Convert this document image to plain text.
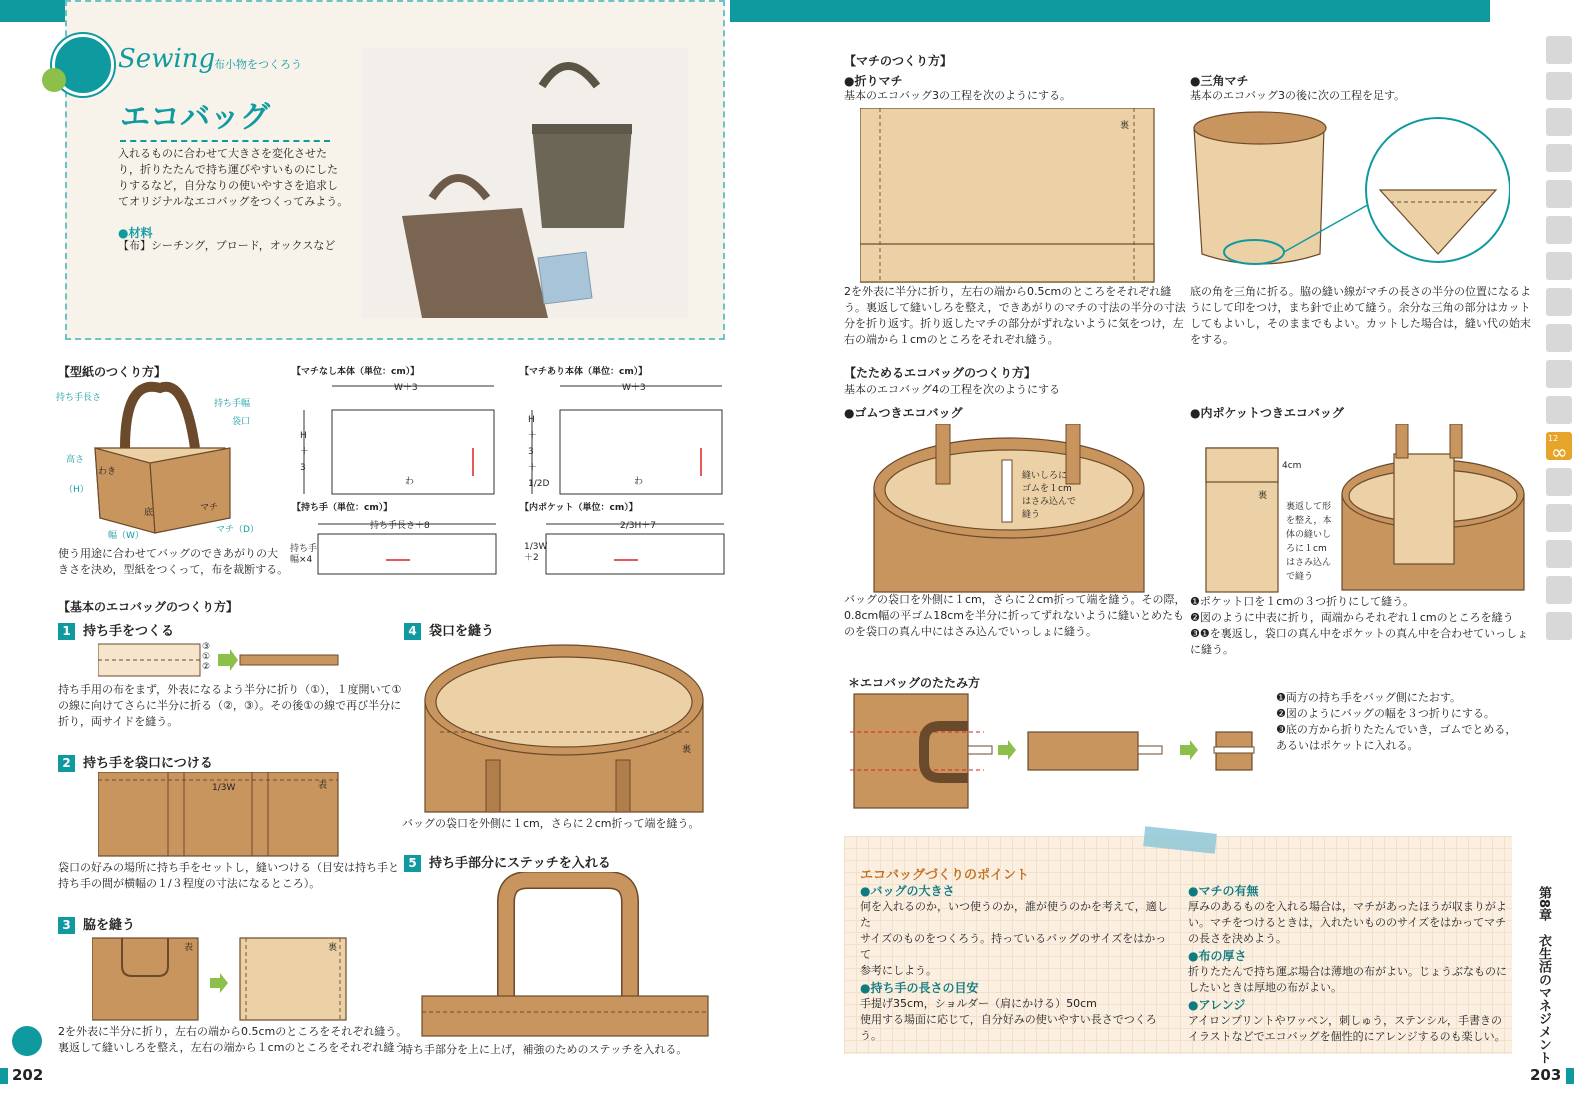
Sewing
布小物をつくろう
エコバッグ
入れるものに合わせて大きさを変化させた
り，折りたたんで持ち運びやすいものにした
りするなど，自分なりの使いやすさを追求し
てオリジナルなエコバッグをつくってみよう。
●材料
【布】シーチング，ブロード，オックスなど
【型紙のつくり方】
持ち手長さ
持ち手幅
袋口
高さ
（H）
わき
底	マチ
幅（W）
マチ（D）
使う用途に合わせてバッグのできあがりの大
きさを決め，型紙をつくって，布を裁断する。
【マチなし本体（単位：cm）】
W＋3
H＋3
わ
【マチあり本体（単位：cm）】
W＋3
H＋3＋1/2D	わ
【持ち手（単位：cm）】
持ち手長さ＋8
持ち手幅×4
【内ポケット（単位：cm）】
2/3H＋7
1/3W＋2
【基本のエコバッグのつくり方】
1 持ち手をつくる
③
①
②
持ち手用の布をまず，外表になるよう半分に折り（①），１度開いて①
の線に向けてさらに半分に折る（②，③）。その後①の線で再び半分に
折り，両サイドを縫う。
2 持ち手を袋口につける
1/3W	表
袋口の好みの場所に持ち手をセットし，縫いつける（目安は持ち手と
持ち手の間が横幅の１/３程度の寸法になるところ）。
3 脇を縫う
表	裏
2を外表に半分に折り，左右の端から0.5cmのところをそれぞれ縫う。
裏返して縫いしろを整え，左右の端から１cmのところをそれぞれ縫う。
4 袋口を縫う
裏
バッグの袋口を外側に１cm，さらに２cm折って端を縫う。
5 持ち手部分にステッチを入れる
持ち手部分を上に上げ，補強のためのステッチを入れる。
【マチのつくり方】
●折りマチ
基本のエコバッグ3の工程を次のようにする。
裏
2を外表に半分に折り，左右の端から0.5cmのところをそれぞれ縫
う。裏返して縫いしろを整え，できあがりのマチの寸法の半分の寸法
分を折り返す。折り返したマチの部分がずれないように気をつけ，左
右の端から１cmのところをそれぞれ縫う。
●三角マチ
基本のエコバッグ3の後に次の工程を足す。
底の角を三角に折る。脇の縫い線がマチの長さの半分の位置になるよ
うにして印をつけ，まち針で止めて縫う。余分な三角の部分はカット
してもよいし，そのままでもよい。カットした場合は，縫い代の始末
をする。
【たためるエコバッグのつくり方】
基本のエコバッグ4の工程を次のようにする
●ゴムつきエコバッグ
縫いしろに
ゴムを１cm
はさみ込んで
縫う
バッグの袋口を外側に１cm，さらに２cm折って端を縫う。その際，
0.8cm幅の平ゴム18cmを半分に折ってずれないように縫いとめたも
のを袋口の真ん中にはさみ込んでいっしょに縫う。
●内ポケットつきエコバッグ
4cm
裏
裏返して形
を整え，本
体の縫いし
ろに１cm
はさみ込ん
で縫う
❶ポケット口を１cmの３つ折りにして縫う。
❷図のように中表に折り，両端からそれぞれ１cmのところを縫う
❸❶を裏返し，袋口の真ん中をポケットの真ん中を合わせていっしょ
に縫う。
＊エコバッグのたたみ方
❶両方の持ち手をバッグ側にたおす。
❷図のようにバッグの幅を３つ折りにする。
❸底の方から折りたたんでいき，ゴムでとめる，
あるいはポケットに入れる。
エコバッグづくりのポイント
●バッグの大きさ
何を入れるのか，いつ使うのか，誰が使うのかを考えて，適した
サイズのものをつくろう。持っているバッグのサイズをはかって
参考にしよう。
●持ち手の長さの目安
手提げ35cm，ショルダー（肩にかける）50cm
使用する場面に応じて，自分好みの使いやすい長さでつくろう。
●マチの有無
厚みのあるものを入れる場合は，マチがあったほうが収まりがよ
い。マチをつけるときは，入れたいもののサイズをはかってマチ
の長さを決めよう。
●布の厚さ
折りたたんで持ち運ぶ場合は薄地の布がよい。じょうぶなものに
したいときは厚地の布がよい。
●アレンジ
アイロンプリントやワッペン，刺しゅう，ステンシル，手書きの
イラストなどでエコバッグを個性的にアレンジするのも楽しい。 第8章　衣生活のマネジメント
12
∞
202	203
